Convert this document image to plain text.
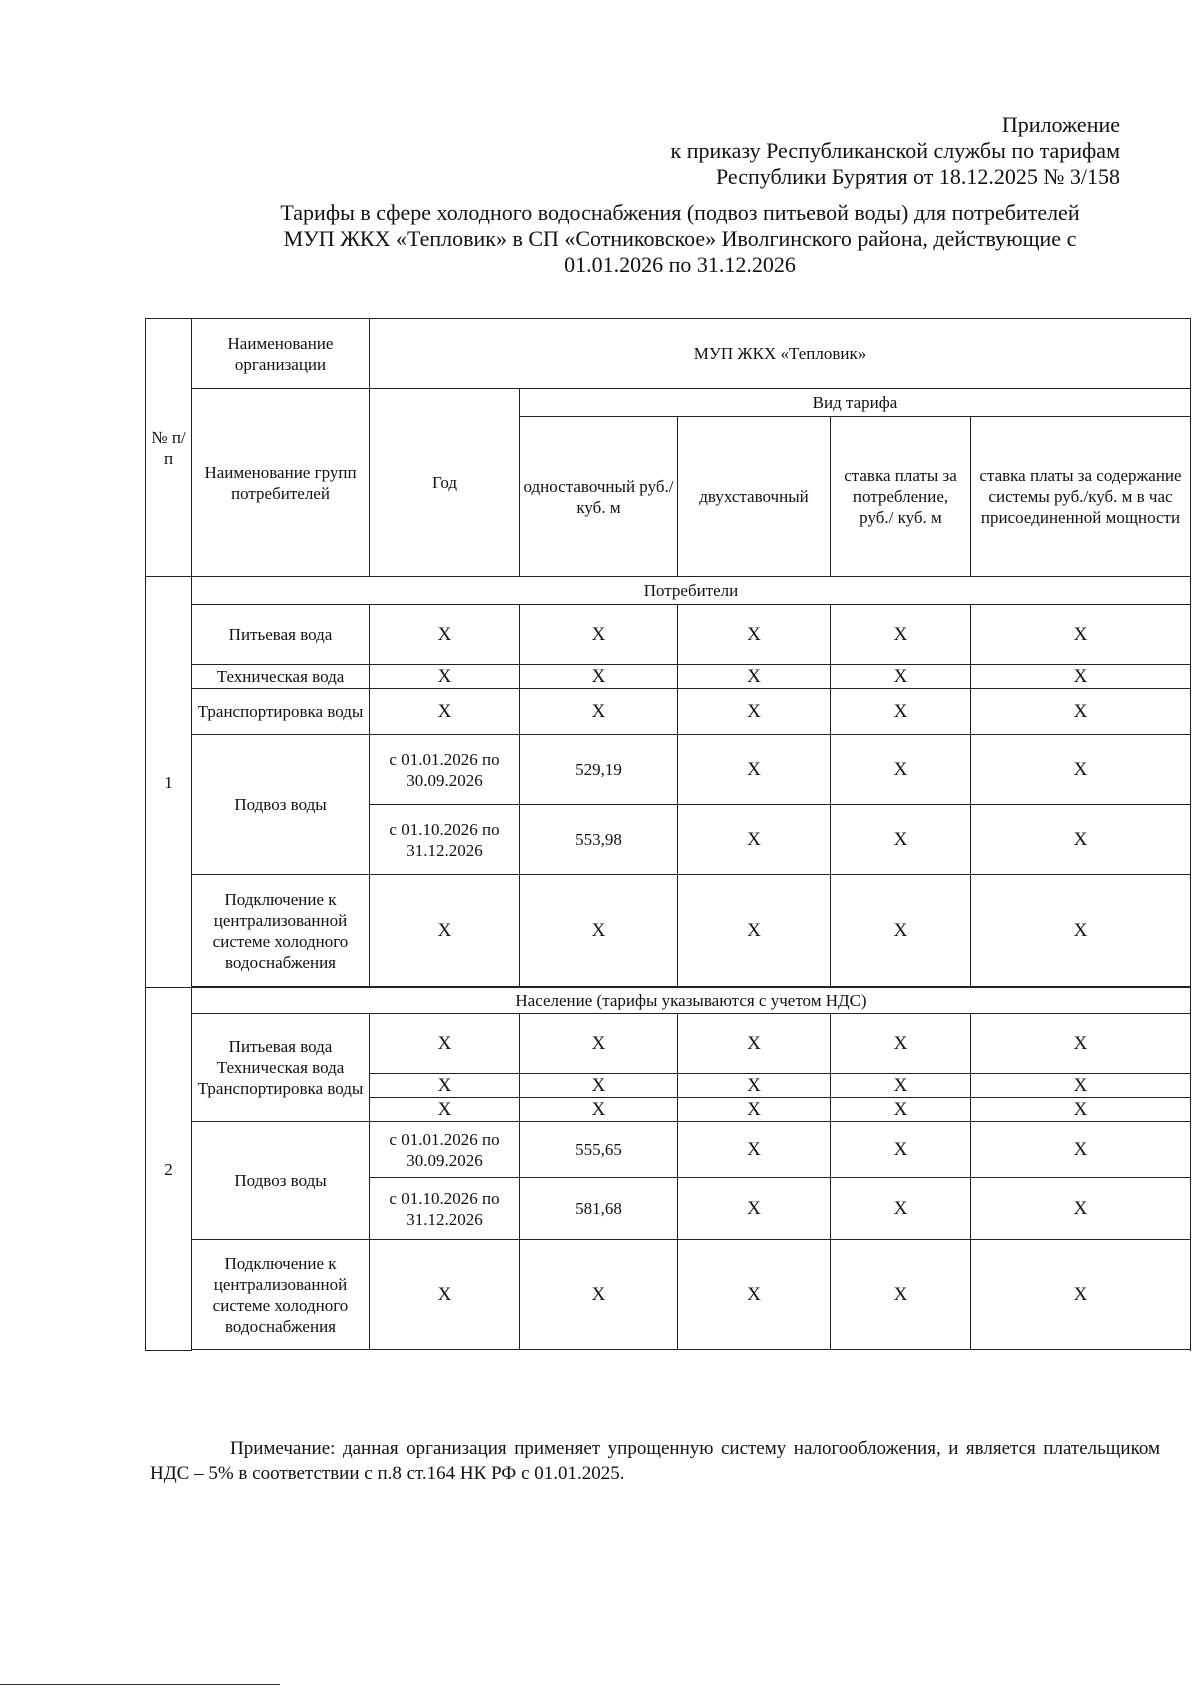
Приложение
к приказу Республиканской службы по тарифам
Республики Бурятия от 18.12.2025 № 3/158
Тарифы в сфере холодного водоснабжения (подвоз питьевой воды) для потребителей
МУП ЖКХ «Тепловик» в СП «Сотниковское» Иволгинского района, действующие с
01.01.2026 по 31.12.2026
№ п/п	Наименование организации	МУП ЖКХ «Тепловик»				
	Наименование групп потребителей	Год	Вид тарифа			
			одноставочный руб./ куб. м	двухставочный	ставка платы за потребление, руб./ куб. м	ставка платы за содержание системы руб./куб. м в час присоединенной мощности
1	Потребители					
	Питьевая вода	X	X	X	X	X
	Техническая вода	X	X	X	X	X
	Транспортировка воды	X	X	X	X	X
	Подвоз воды	с 01.01.2026 по 30.09.2026	529,19	X	X	X
		с 01.10.2026 по 31.12.2026	553,98	X	X	X
	Подключение к централизованной системе холодного водоснабжения	X	X	X	X	X

2	Население (тарифы указываются с учетом НДС)					
	Питьевая вода Техническая вода Транспортировка воды	X	X	X	X	X
		X	X	X	X	X
		X	X	X	X	X
	Подвоз воды	с 01.01.2026 по 30.09.2026	555,65	X	X	X
		с 01.10.2026 по 31.12.2026	581,68	X	X	X
	Подключение к централизованной системе холодного водоснабжения	X	X	X	X	X

Примечание: данная организация применяет упрощенную систему налогообложения, и является плательщиком НДС – 5% в соответствии с п.8 ст.164 НК РФ с 01.01.2025.
